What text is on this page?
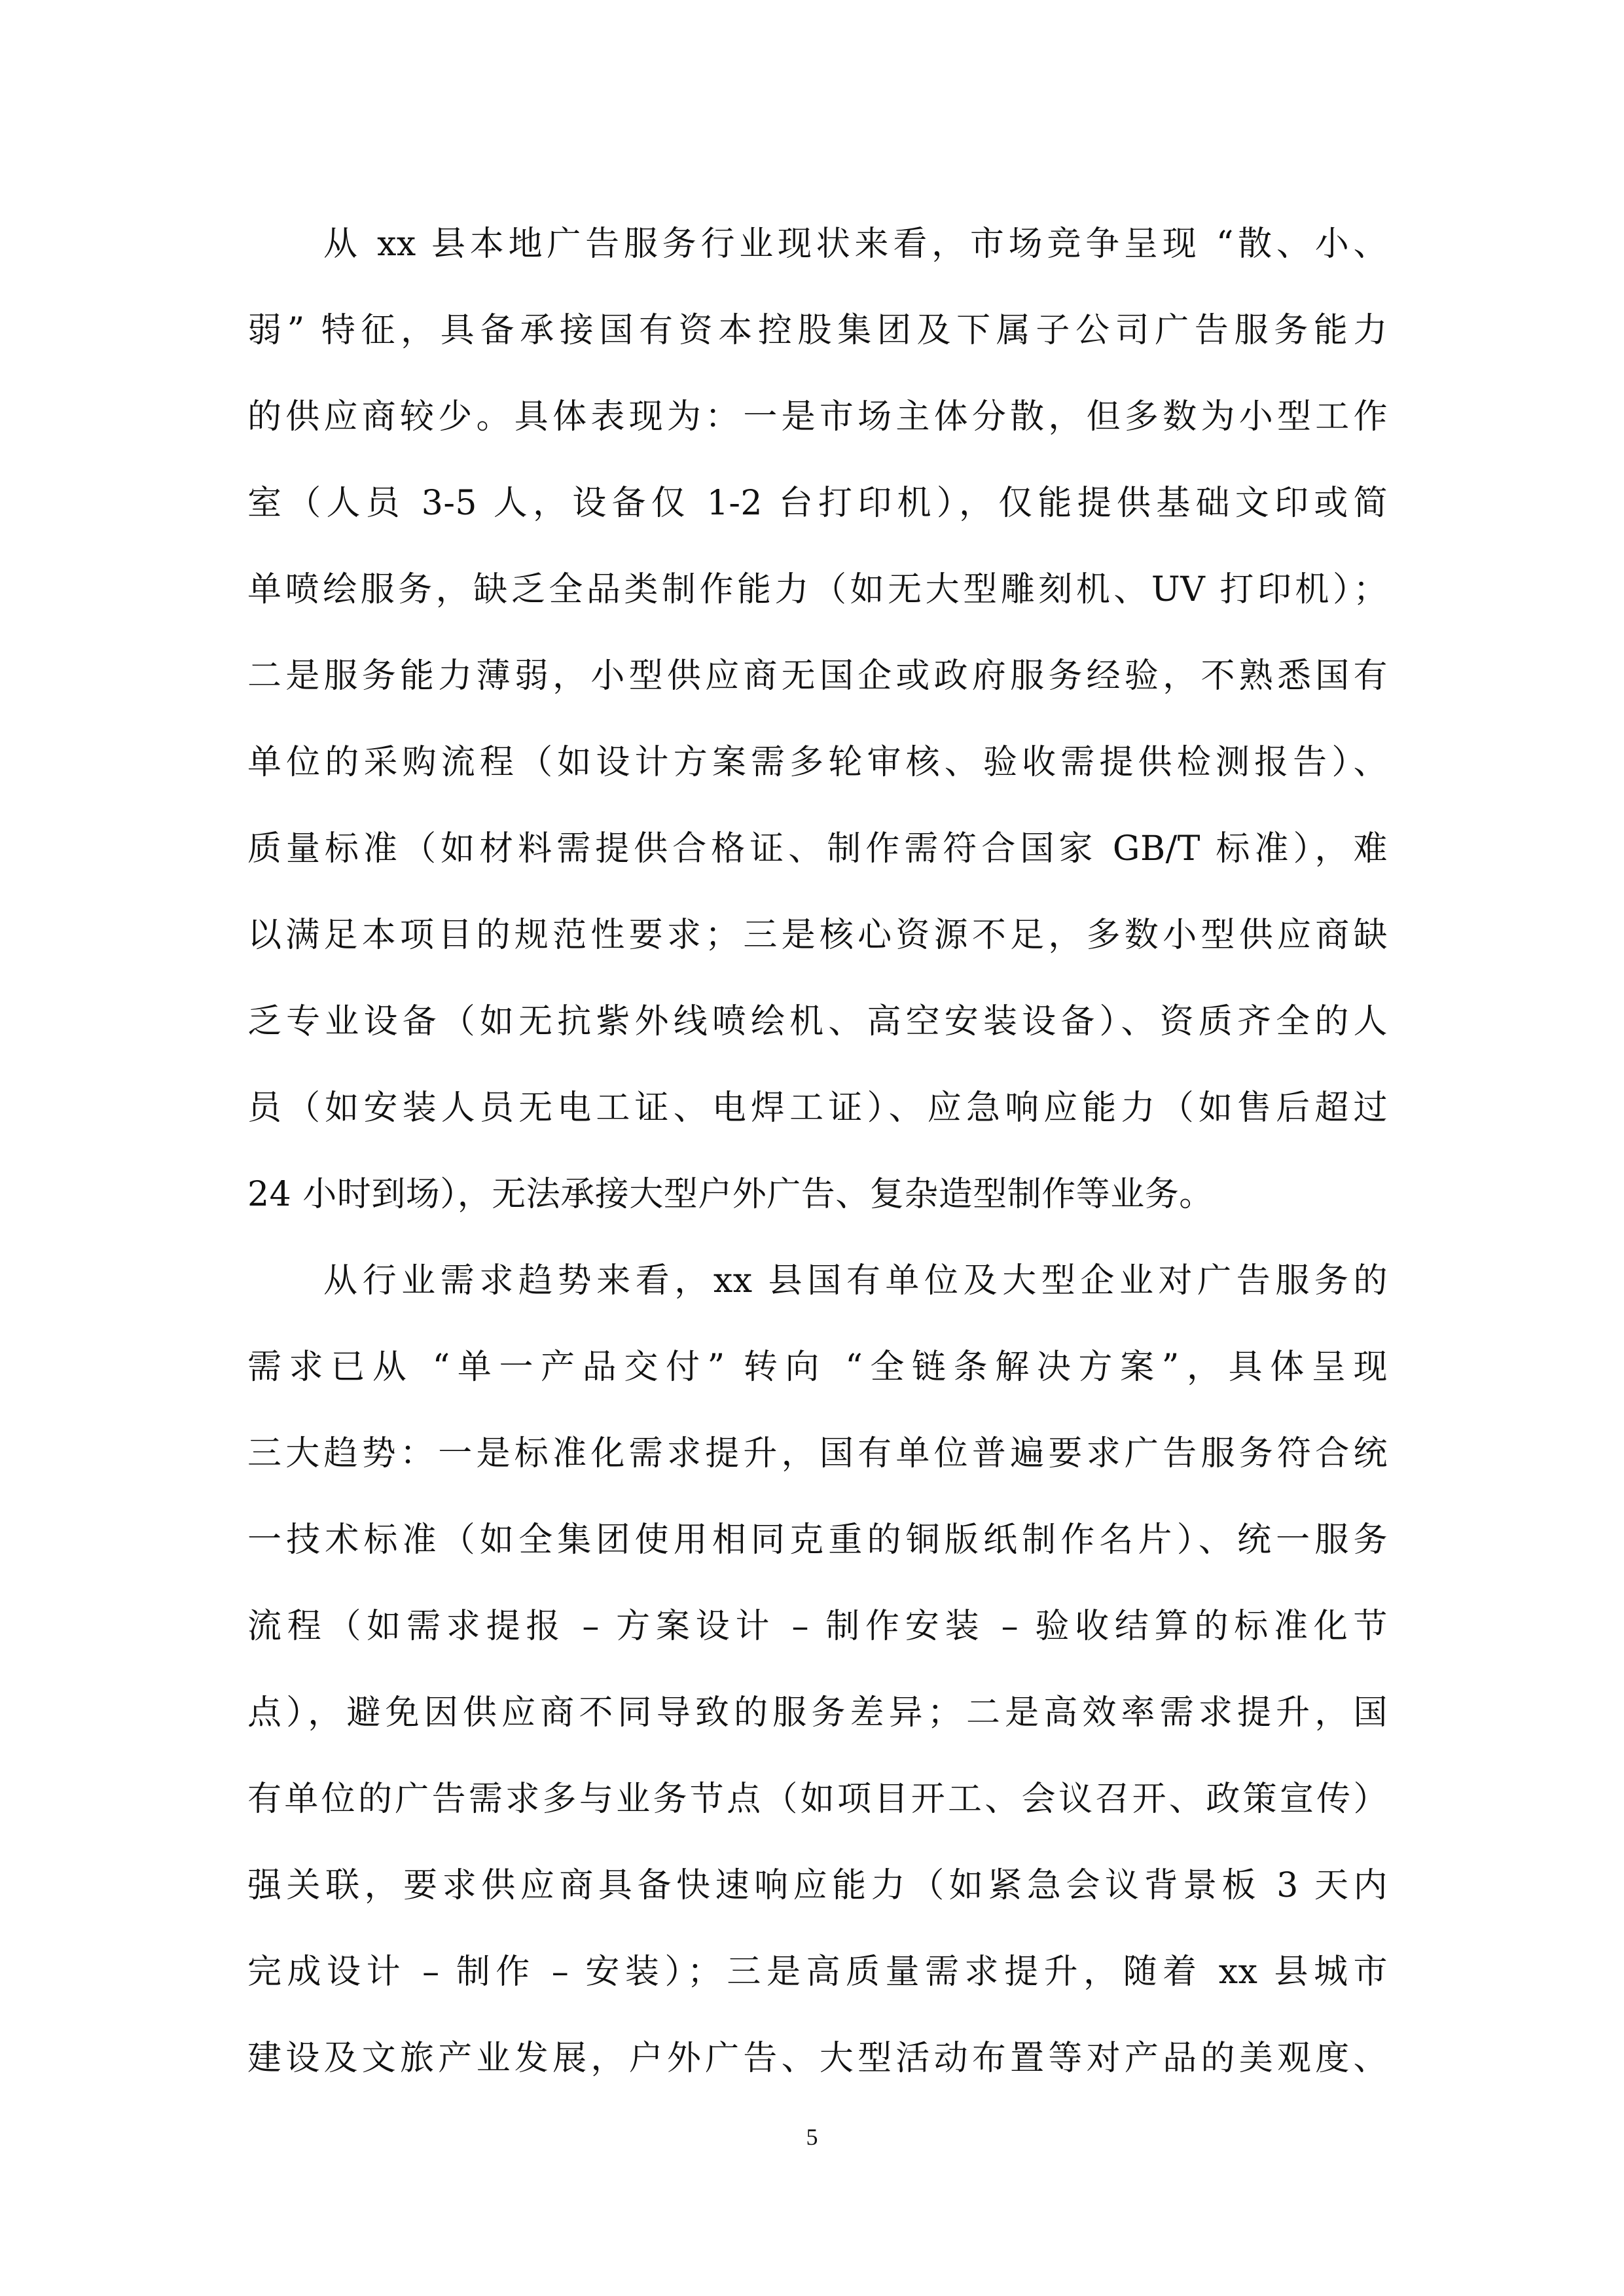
从 xx 县本地广告服务行业现状来看，市场竞争呈现 “散、小、
弱” 特征，具备承接国有资本控股集团及下属子公司广告服务能力
的供应商较少。具体表现为：一是市场主体分散，但多数为小型工作
室（人员 3-5 人，设备仅 1-2 台打印机），仅能提供基础文印或简
单喷绘服务，缺乏全品类制作能力（如无大型雕刻机、UV 打印机）；
二是服务能力薄弱，小型供应商无国企或政府服务经验，不熟悉国有
单位的采购流程（如设计方案需多轮审核、验收需提供检测报告）、
质量标准（如材料需提供合格证、制作需符合国家 GB/T 标准），难
以满足本项目的规范性要求；三是核心资源不足，多数小型供应商缺
乏专业设备（如无抗紫外线喷绘机、高空安装设备）、资质齐全的人
员（如安装人员无电工证、电焊工证）、应急响应能力（如售后超过
24 小时到场），无法承接大型户外广告、复杂造型制作等业务。
从行业需求趋势来看，xx 县国有单位及大型企业对广告服务的
需求已从 “单一产品交付” 转向 “全链条解决方案”，具体呈现
三大趋势：一是标准化需求提升，国有单位普遍要求广告服务符合统
一技术标准（如全集团使用相同克重的铜版纸制作名片）、统一服务
流程（如需求提报 – 方案设计 – 制作安装 – 验收结算的标准化节
点），避免因供应商不同导致的服务差异；二是高效率需求提升，国
有单位的广告需求多与业务节点（如项目开工、会议召开、政策宣传）
强关联，要求供应商具备快速响应能力（如紧急会议背景板 3 天内
完成设计 – 制作 – 安装）；三是高质量需求提升，随着 xx 县城市
建设及文旅产业发展，户外广告、大型活动布置等对产品的美观度、
5
